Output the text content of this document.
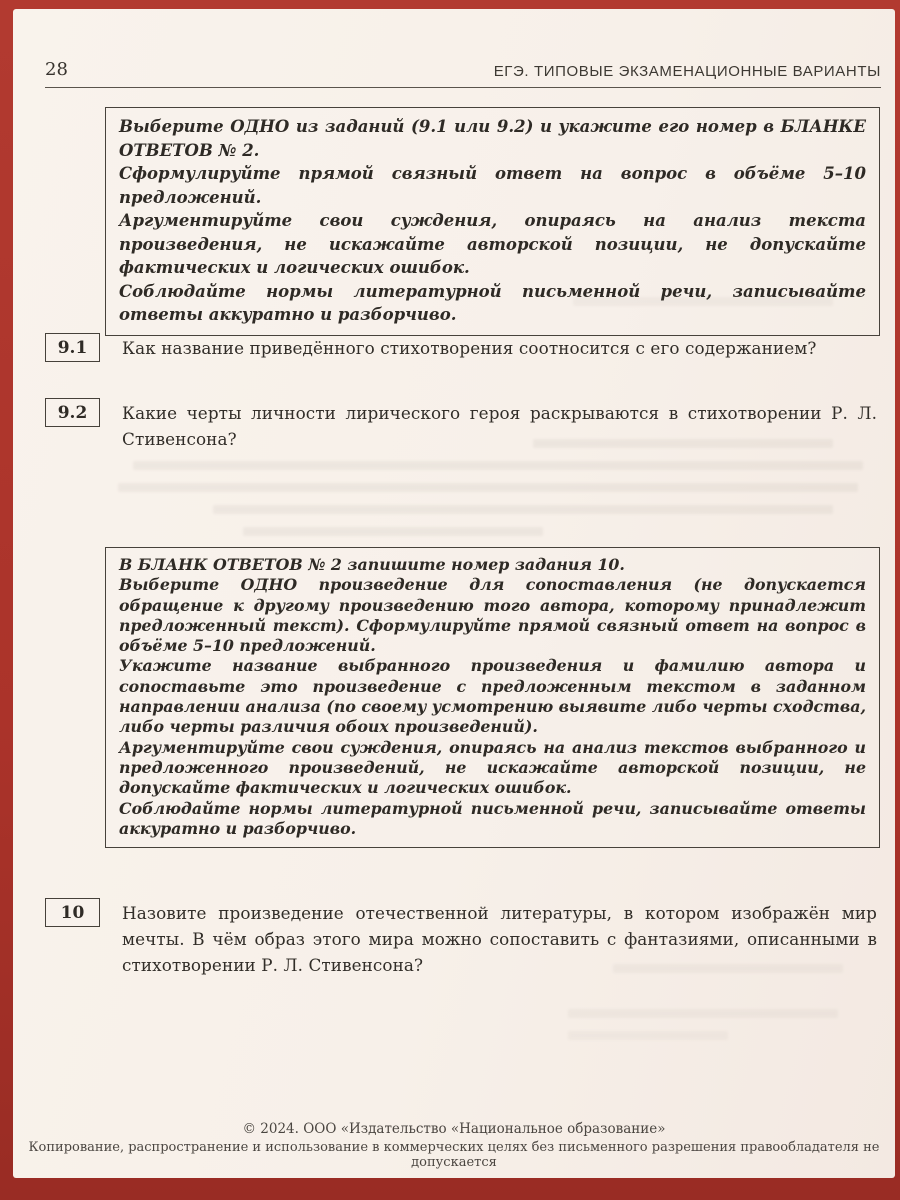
28	ЕГЭ. ТИПОВЫЕ ЭКЗАМЕНАЦИОННЫЕ ВАРИАНТЫ

Выберите ОДНО из заданий (9.1 или 9.2) и укажите его номер в БЛАНКЕ ОТВЕТОВ № 2.

Сформулируйте прямой связный ответ на вопрос в объёме 5–10 предложений.

Аргументируйте свои суждения, опираясь на анализ текста произведения, не искажайте авторской позиции, не допускайте фактических и логических ошибок.

Соблюдайте нормы литературной письменной речи, записывайте ответы аккуратно и разборчиво.

9.1 Как название приведённого стихотворения соотносится с его содержанием?
9.2 Какие черты личности лирического героя раскрываются в стихотворении Р. Л. Стивенсона?

В БЛАНК ОТВЕТОВ № 2 запишите номер задания 10.

Выберите ОДНО произведение для сопоставления (не допускается обращение к другому произведению того автора, которому принадлежит предложенный текст). Сформулируйте прямой связный ответ на вопрос в объёме 5–10 предложений.

Укажите название выбранного произведения и фамилию автора и сопоставьте это произведение с предложенным текстом в заданном направлении анализа (по своему усмотрению выявите либо черты сходства, либо черты различия обоих произведений).

Аргументируйте свои суждения, опираясь на анализ текстов выбранного и предложенного произведений, не искажайте авторской позиции, не допускайте фактических и логических ошибок.

Соблюдайте нормы литературной письменной речи, записывайте ответы аккуратно и разборчиво.

10 Назовите произведение отечественной литературы, в котором изображён мир мечты. В чём образ этого мира можно сопоставить с фантазиями, описанными в стихотворении Р. Л. Стивенсона?
© 2024. ООО «Издательство «Национальное образование»
Копирование, распространение и использование в коммерческих целях без письменного разрешения правообладателя не допускается
